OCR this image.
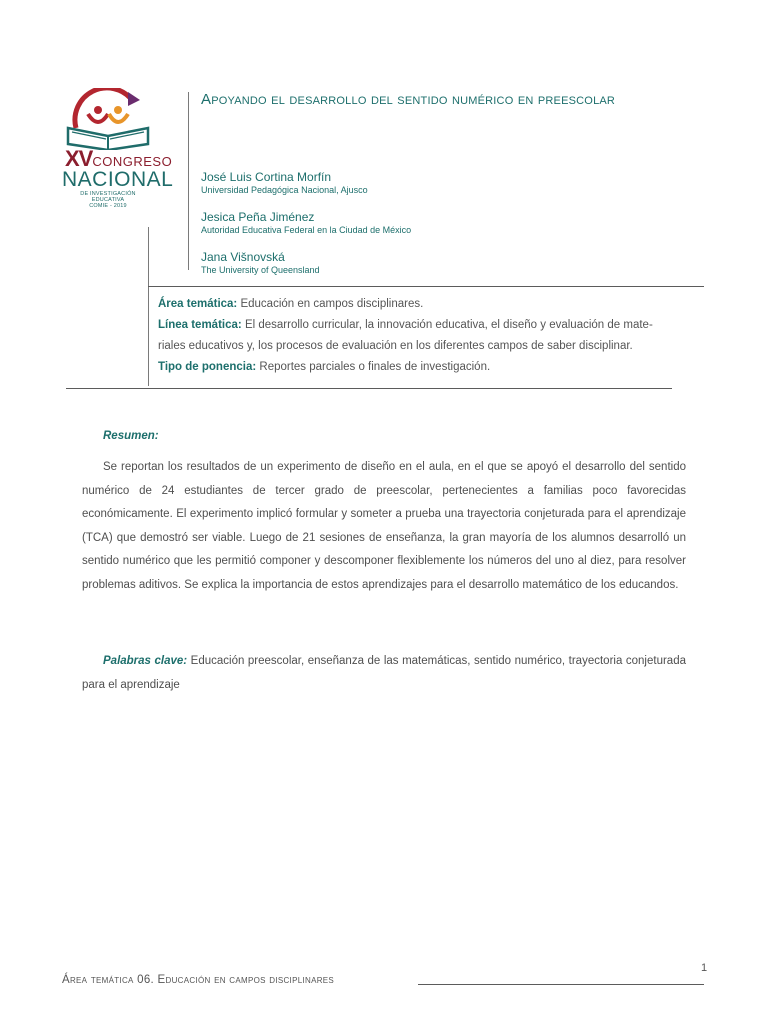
XVCONGRESO
NACIONAL
DE INVESTIGACIÓN EDUCATIVA
COMIE - 2019
Apoyando el desarrollo del sentido numérico en preescolar
José Luis Cortina Morfín
Universidad Pedagógica Nacional, Ajusco
Jesica Peña Jiménez
Autoridad Educativa Federal en la Ciudad de México
Jana Višnovská
The University of Queensland
Área temática: Educación en campos disciplinares.
Línea temática: El desarrollo curricular, la innovación educativa, el diseño y evaluación de mate-
riales educativos y, los procesos de evaluación en los diferentes campos de saber disciplinar.
Tipo de ponencia: Reportes parciales o finales de investigación.
Resumen:
Se reportan los resultados de un experimento de diseño en el aula, en el que se apoyó el desarrollo del sentido numérico de 24 estudiantes de tercer grado de preescolar, pertenecientes a familias poco favorecidas económicamente. El experimento implicó formular y someter a prueba una trayectoria conjeturada para el aprendizaje (TCA) que demostró ser viable. Luego de 21 sesiones de enseñanza, la gran mayoría de los alumnos desarrolló un sentido numérico que les permitió componer y descomponer flexiblemente los números del uno al diez, para resolver problemas aditivos. Se explica la importancia de estos aprendizajes para el desarrollo matemático de los educandos.
Palabras clave: Educación preescolar, enseñanza de las matemáticas, sentido numérico, trayectoria conjeturada para el aprendizaje
1
Área temática 06. Educación en campos disciplinares
